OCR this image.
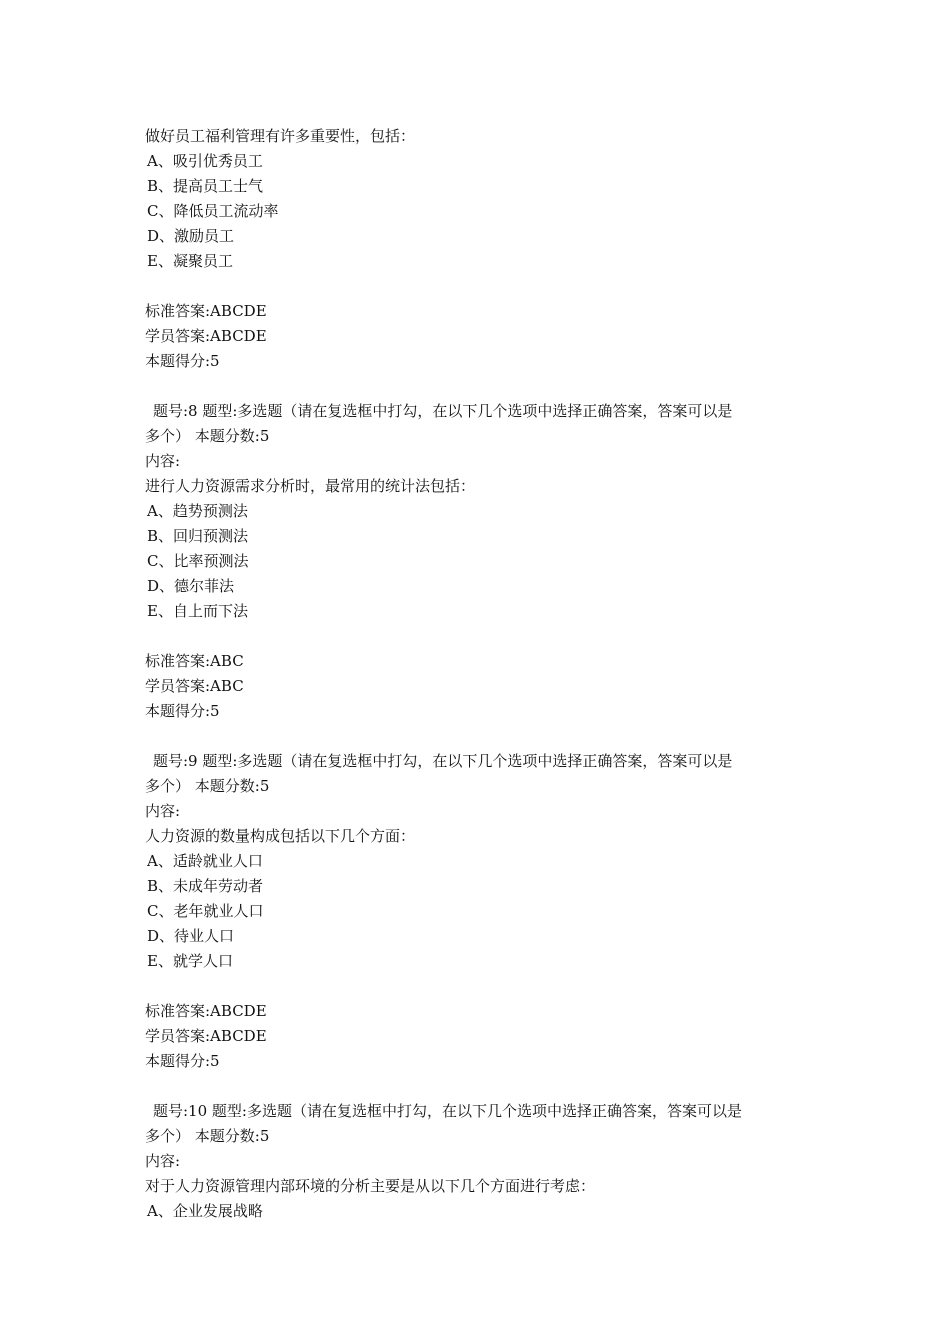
做好员工福利管理有许多重要性，包括：
A、吸引优秀员工
B、提高员工士气
C、降低员工流动率
D、激励员工
E、凝聚员工
标准答案:ABCDE
学员答案:ABCDE
本题得分:5
题号:8 题型:多选题（请在复选框中打勾，在以下几个选项中选择正确答案，答案可以是
多个） 本题分数:5
内容:
进行人力资源需求分析时，最常用的统计法包括：
A、趋势预测法
B、回归预测法
C、比率预测法
D、德尔菲法
E、自上而下法
标准答案:ABC
学员答案:ABC
本题得分:5
题号:9 题型:多选题（请在复选框中打勾，在以下几个选项中选择正确答案，答案可以是
多个） 本题分数:5
内容:
人力资源的数量构成包括以下几个方面：
A、适龄就业人口
B、未成年劳动者
C、老年就业人口
D、待业人口
E、就学人口
标准答案:ABCDE
学员答案:ABCDE
本题得分:5
题号:10 题型:多选题（请在复选框中打勾，在以下几个选项中选择正确答案，答案可以是
多个） 本题分数:5
内容:
对于人力资源管理内部环境的分析主要是从以下几个方面进行考虑：
A、企业发展战略
